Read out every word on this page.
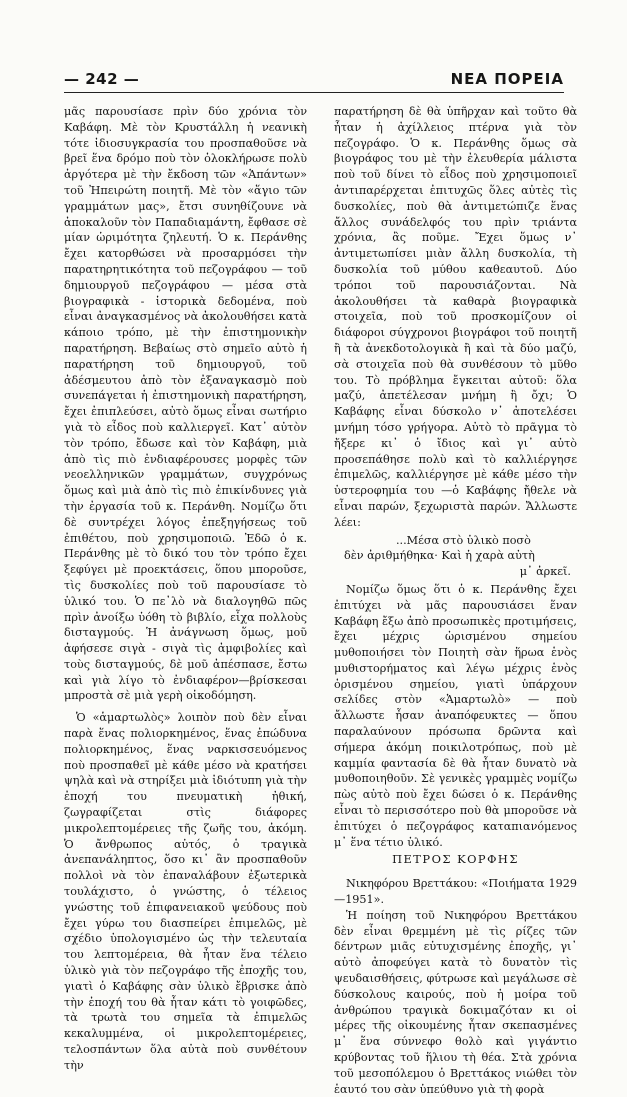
— 242 —	ΝΕΑ ΠΟΡΕΙΑ

μᾶς παρουσίασε πρὶν δύο χρόνια τὸν Καβάφη. Μὲ τὸν Κρυστάλλη ἡ νεανικὴ τότε ἰδιοσυγκρασία του προσπαθοῦσε νὰ βρεῖ ἕνα δρόμο ποὺ τὸν ὁλοκλήρωσε πολὺ ἀργότερα μὲ τὴν ἔκδοση τῶν «Ἁπάντων» τοῦ Ἠπειρώτη ποιητῆ. Μὲ τὸν «ἅγιο τῶν γραμμάτων μας», ἔτσι συνηθίζουνε νὰ ἀποκαλοῦν τὸν Παπαδιαμάντη, ἔφθασε σὲ μίαν ὡριμότητα ζηλευτή. Ὁ κ. Περάνθης ἔχει κατορθώσει νὰ προσαρμόσει τὴν παρατηρητικότητα τοῦ πεζογράφου — τοῦ δημιουργοῦ πεζογράφου — μέσα στὰ βιογραφικὰ - ἱστορικὰ δεδομένα, ποὺ εἶναι ἀναγκασμένος νὰ ἀκολουθήσει κατὰ κάποιο τρόπο, μὲ τὴν ἐπιστημονικὴν παρατήρηση. Βεβαίως στὸ σημεῖο αὐτὸ ἡ παρατήρηση τοῦ δημιουργοῦ, τοῦ ἀδέσμευτου ἀπὸ τὸν ἐξαναγκασμὸ ποὺ συνεπάγεται ἡ ἐπιστημονικὴ παρατήρηση, ἔχει ἐπιπλεύσει, αὐτὸ ὅμως εἶναι σωτήριο γιὰ τὸ εἶδος ποὺ καλλιεργεῖ. Κατ᾽ αὐτὸν τὸν τρόπο, ἔδωσε καὶ τὸν Καβάφη, μιὰ ἀπὸ τὶς πιὸ ἐνδιαφέρουσες μορφὲς τῶν νεοελληνικῶν γραμμάτων, συγχρόνως ὅμως καὶ μιὰ ἀπὸ τὶς πιὸ ἐπικίνδυνες γιὰ τὴν ἐργασία τοῦ κ. Περάνθη. Νομίζω ὅτι δὲ συντρέχει λόγος ἐπεξηγήσεως τοῦ ἐπιθέτου, ποὺ χρησιμοποιῶ. Ἐδῶ ὁ κ. Περάνθης μὲ τὸ δικό του τὸν τρόπο ἔχει ξεφύγει μὲ προεκτάσεις, ὅπου μποροῦσε, τὶς δυσκολίες ποὺ τοῦ παρουσίασε τὸ ὑλικό του. Ὁ πε᾽λὸ νὰ διαλογηθῶ πῶς πρὶν ἀνοίξω ὑόθη τὸ βιβλίο, εἶχα πολλοὺς δισταγμούς. Ἡ ἀνάγνωση ὅμως, μοῦ ἀφήσεσε σιγὰ - σιγὰ τὶς ἀμφιβολίες καὶ τοὺς δισταγμούς, δὲ μοῦ ἀπέσπασε, ἔστω καὶ γιὰ λίγο τὸ ἐνδιαφέρον—βρίσκεσαι μπροστὰ σὲ μιὰ γερὴ οἰκοδόμηση.

Ὁ «ἁμαρτωλὸς» λοιπὸν ποὺ δὲν εἶναι παρὰ ἕνας πολιορκημένος, ἕνας ἐπώδυνα πολιορκημένος, ἕνας ναρκισσευόμενος ποὺ προσπαθεῖ μὲ κάθε μέσο νὰ κρατήσει ψηλὰ καὶ νὰ στηρίξει μιὰ ἰδιότυπη γιὰ τὴν ἐποχή του πνευματικὴ ἠθική, ζωγραφίζεται στὶς διάφορες μικρολεπτομέρειες τῆς ζωῆς του, ἀκόμη. Ὁ ἄνθρωπος αὐτός, ὁ τραγικὰ ἀνεπανάληπτος, ὅσο κι᾽ ἂν προσπαθοῦν πολλοὶ νὰ τὸν ἐπαναλάβουν ἐξωτερικὰ τουλάχιστο, ὁ γνώστης, ὁ τέλειος γνώστης τοῦ ἐπιφανειακοῦ ψεύδους ποὺ ἔχει γύρω του διασπείρει ἐπιμελῶς, μὲ σχέδιο ὑπολογισμένο ὡς τὴν τελευταία του λεπτομέρεια, θὰ ἦταν ἕνα τέλειο ὑλικὸ γιὰ τὸν πεζογράφο τῆς ἐποχῆς του, γιατὶ ὁ Καβάφης σὰν ὑλικὸ ἔβρισκε ἀπὸ τὴν ἐποχή του θὰ ἦταν κάτι τὸ γοιφῶδες, τὰ τρωτὰ του σημεῖα τὰ ἐπιμελῶς κεκαλυμμένα, οἱ μικρολεπτομέρειες, τελοσπάντων ὅλα αὐτὰ ποὺ συνθέτουν τὴν

παρατήρηση δὲ θὰ ὑπῆρχαν καὶ τοῦτο θὰ ἦταν ἡ ἀχίλλειος πτέρνα γιὰ τὸν πεζογράφο. Ὁ κ. Περάνθης ὅμως σὰ βιογράφος του μὲ τὴν ἐλευθερία μάλιστα ποὺ τοῦ δίνει τὸ εἶδος ποὺ χρησιμοποιεῖ ἀντιπαρέρχεται ἐπιτυχῶς ὅλες αὐτὲς τὶς δυσκολίες, ποὺ θὰ ἀντιμετώπιζε ἕνας ἄλλος συνάδελφός του πρὶν τριάντα χρόνια, ἂς ποῦμε. Ἔχει ὅμως ν᾽ ἀντιμετωπίσει μιὰν ἄλλη δυσκολία, τὴ δυσκολία τοῦ μύθου καθεαυτοῦ. Δύο τρόποι τοῦ παρουσιάζονται. Νὰ ἀκολουθήσει τὰ καθαρὰ βιογραφικὰ στοιχεῖα, ποὺ τοῦ προσκομίζουν οἱ διάφοροι σύγχρονοι βιογράφοι τοῦ ποιητῆ ἢ τὰ ἀνεκδοτολογικὰ ἢ καὶ τὰ δύο μαζύ, σὰ στοιχεῖα ποὺ θὰ συνθέσουν τὸ μῦθο του. Τὸ πρόβλημα ἔγκειται αὐτοῦ: ὅλα μαζύ, ἀπετέλεσαν μνήμη ἢ ὄχι; Ὁ Καβάφης εἶναι δύσκολο ν᾽ ἀποτελέσει μνήμη τόσο γρήγορα. Αὐτὸ τὸ πρᾶγμα τὸ ἤξερε κι᾽ ὁ ἴδιος καὶ γι᾽ αὐτὸ προσεπάθησε πολὺ καὶ τὸ καλλιέργησε ἐπιμελῶς, καλλιέργησε μὲ κάθε μέσο τὴν ὑστεροφημία του —ὁ Καβάφης ἤθελε νὰ εἶναι παρών, ξεχωριστὰ παρών. Ἄλλωστε λέει:

...Μέσα στὸ ὑλικὸ ποσὸ
δὲν ἀριθμήθηκα· Καὶ ἡ χαρὰ αὐτὴ
μ᾽ ἀρκεῖ.

Νομίζω ὅμως ὅτι ὁ κ. Περάνθης ἔχει ἐπιτύχει νὰ μᾶς παρουσιάσει ἕναν Καβάφη ἔξω ἀπὸ προσωπικὲς προτιμήσεις, ἔχει μέχρις ὡρισμένου σημείου μυθοποιήσει τὸν Ποιητὴ σὰν ἥρωα ἑνὸς μυθιστορήματος καὶ λέγω μέχρις ἑνὸς ὁρισμένου σημείου, γιατὶ ὑπάρχουν σελίδες στὸν «Ἁμαρτωλὸ» — ποὺ ἄλλωστε ἦσαν ἀναπόφευκτες — ὅπου παραλαύνουν πρόσωπα δρῶντα καὶ σήμερα ἀκόμη ποικιλοτρόπως, ποὺ μὲ καμμία φαντασία δὲ θὰ ἦταν δυνατὸ νὰ μυθοποιηθοῦν. Σὲ γενικὲς γραμμὲς νομίζω πὼς αὐτὸ ποὺ ἔχει δώσει ὁ κ. Περάνθης εἶναι τὸ περισσότερο ποὺ θὰ μποροῦσε νὰ ἐπιτύχει ὁ πεζογράφος καταπιανόμενος μ᾽ ἕνα τέτιο ὑλικό.

ΠΕΤΡΟΣ ΚΟΡΦΗΣ

Νικηφόρου Βρεττάκου: «Ποιήματα 1929—1951».

Ἡ ποίηση τοῦ Νικηφόρου Βρεττάκου δὲν εἶναι θρεμμένη μὲ τὶς ρίζες τῶν δέντρων μιᾶς εὐτυχισμένης ἐποχῆς, γι᾽ αὐτὸ ἀποφεύγει κατὰ τὸ δυνατὸν τὶς ψευδαισθήσεις, φύτρωσε καὶ μεγάλωσε σὲ δύσκολους καιρούς, ποὺ ἡ μοίρα τοῦ ἀνθρώπου τραγικὰ δοκιμαζόταν κι οἱ μέρες τῆς οἰκουμένης ἦταν σκεπασμένες μ᾽ ἕνα σύννεφο θολὸ καὶ γιγάντιο κρύβοντας τοῦ ἥλιου τὴ θέα. Στὰ χρόνια τοῦ μεσοπόλεμου ὁ Βρεττάκος νιώθει τὸν ἑαυτό του σὰν ὑπεύθυνο γιὰ τὴ φορὰ
